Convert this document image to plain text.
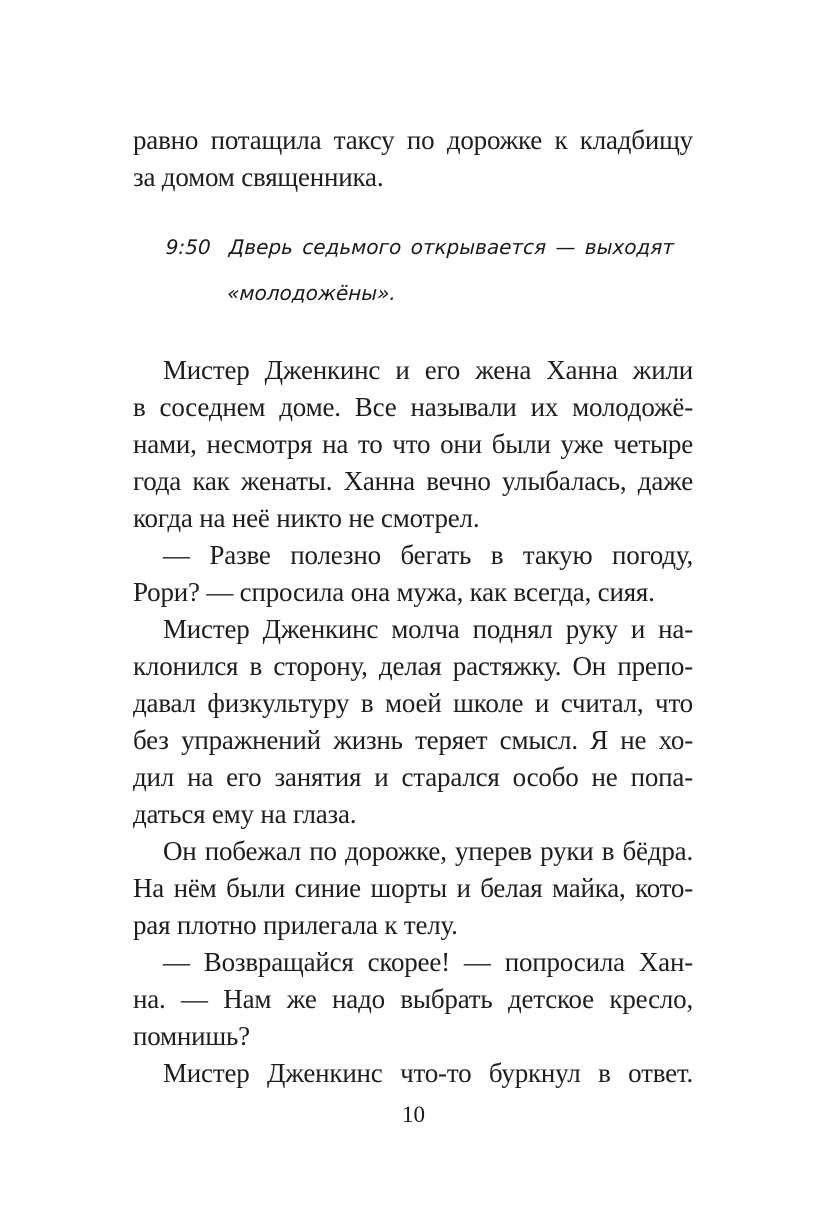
равно потащила таксу по дорожке к кладбищу
за домом священника.

9:50 Дверь седьмого открывается — выходят
«молодожёны».

Мистер Дженкинс и его жена Ханна жили
в соседнем доме. Все называли их молодожё-
нами, несмотря на то что они были уже четыре
года как женаты. Ханна вечно улыбалась, даже
когда на неё никто не смотрел.

— Разве полезно бегать в такую погоду,
Рори? — спросила она мужа, как всегда, сияя.

Мистер Дженкинс молча поднял руку и на-
клонился в сторону, делая растяжку. Он препо-
давал физкультуру в моей школе и считал, что
без упражнений жизнь теряет смысл. Я не хо-
дил на его занятия и старался особо не попа-
даться ему на глаза.

Он побежал по дорожке, уперев руки в бёдра.
На нём были синие шорты и белая майка, кото-
рая плотно прилегала к телу.

— Возвращайся скорее! — попросила Хан-
на. — Нам же надо выбрать детское кресло,
помнишь?

Мистер Дженкинс что-то буркнул в ответ.

10
